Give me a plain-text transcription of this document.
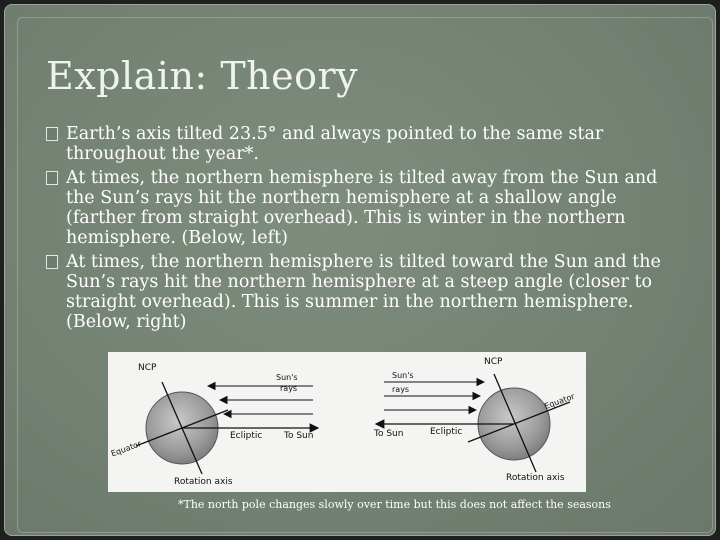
Explain: Theory
Earth’s axis tilted 23.5° and always pointed to the same star throughout the year*.
At times, the northern hemisphere is tilted away from the Sun and the Sun’s rays hit the northern hemisphere at a shallow angle (farther from straight overhead). This is winter in the northern hemisphere. (Below, left)
At times, the northern hemisphere is tilted toward the Sun and the Sun’s rays hit the northern hemisphere at a steep angle (closer to straight overhead). This is summer in the northern hemisphere. (Below, right)
NCP
Sun's rays
Equator
Ecliptic To Sun
Rotation axis
NCP
Sun's rays
Equator
Ecliptic
To Sun
Rotation axis
*The north pole changes slowly over time but this does not affect the seasons
